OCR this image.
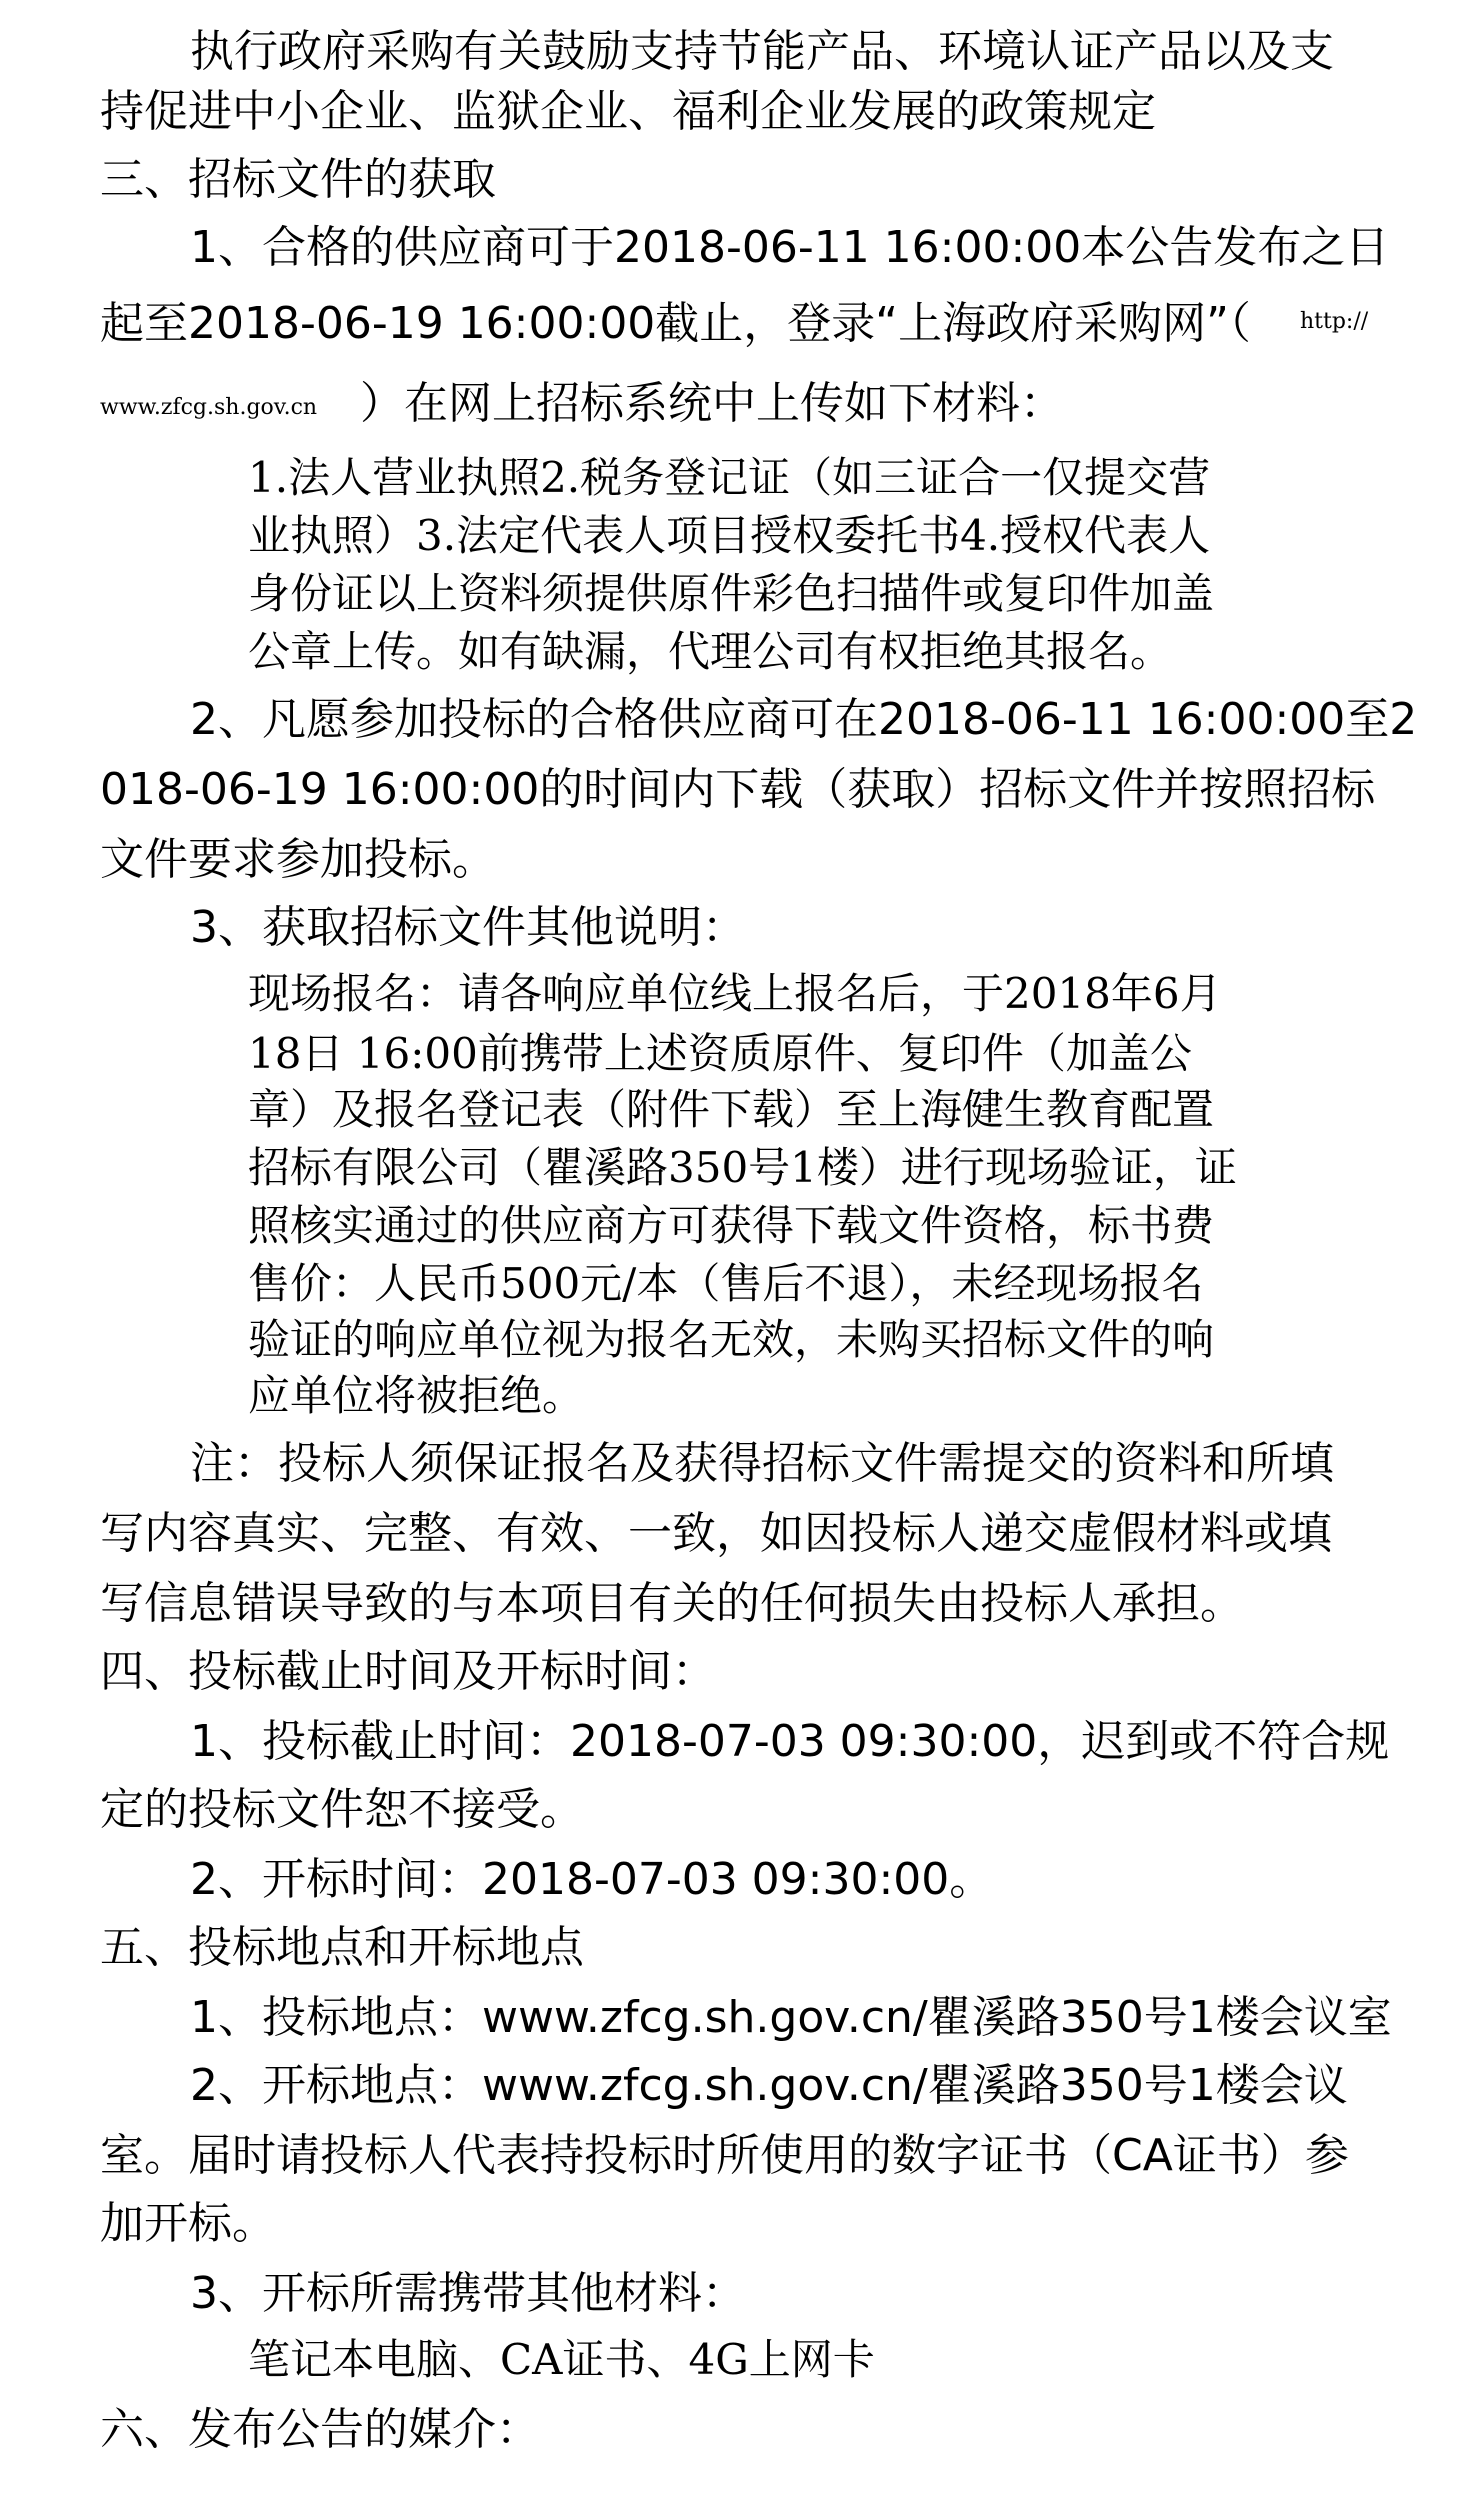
执行政府采购有关鼓励支持节能产品、环境认证产品以及支
持促进中小企业、监狱企业、福利企业发展的政策规定
三、招标文件的获取
1、合格的供应商可于2018-06-11 16:00:00本公告发布之日
起至2018-06-19 16:00:00截止，登录“上海政府采购网”（ http://
www.zfcg.sh.gov.cn ）在网上招标系统中上传如下材料：
1.法人营业执照2.税务登记证（如三证合一仅提交营
业执照）3.法定代表人项目授权委托书4.授权代表人
身份证以上资料须提供原件彩色扫描件或复印件加盖
公章上传。如有缺漏，代理公司有权拒绝其报名。
2、凡愿参加投标的合格供应商可在2018-06-11 16:00:00至2
018-06-19 16:00:00的时间内下载（获取）招标文件并按照招标
文件要求参加投标。
3、获取招标文件其他说明：
现场报名：请各响应单位线上报名后，于2018年6月
18日 16:00前携带上述资质原件、复印件（加盖公
章）及报名登记表（附件下载）至上海健生教育配置
招标有限公司（瞿溪路350号1楼）进行现场验证，证
照核实通过的供应商方可获得下载文件资格，标书费
售价：人民币500元/本（售后不退），未经现场报名
验证的响应单位视为报名无效，未购买招标文件的响
应单位将被拒绝。
注：投标人须保证报名及获得招标文件需提交的资料和所填
写内容真实、完整、有效、一致，如因投标人递交虚假材料或填
写信息错误导致的与本项目有关的任何损失由投标人承担。
四、投标截止时间及开标时间：
1、投标截止时间：2018-07-03 09:30:00，迟到或不符合规
定的投标文件恕不接受。
2、开标时间：2018-07-03 09:30:00。
五、投标地点和开标地点
1、投标地点：www.zfcg.sh.gov.cn/瞿溪路350号1楼会议室
2、开标地点：www.zfcg.sh.gov.cn/瞿溪路350号1楼会议
室。届时请投标人代表持投标时所使用的数字证书（CA证书）参
加开标。
3、开标所需携带其他材料：
笔记本电脑、CA证书、4G上网卡
六、发布公告的媒介：
